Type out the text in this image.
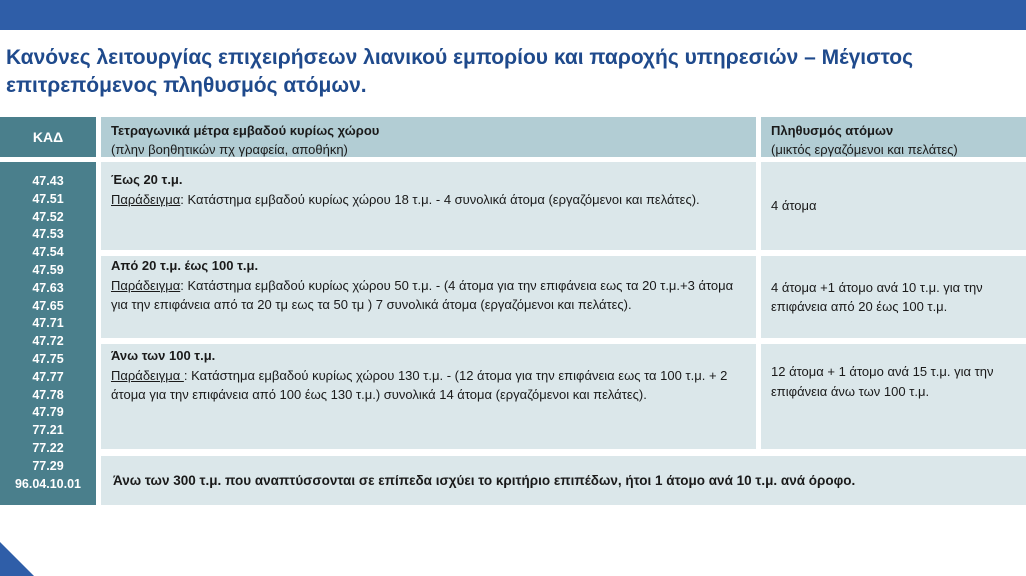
Κανόνες λειτουργίας επιχειρήσεων λιανικού εμπορίου και παροχής υπηρεσιών – Μέγιστος επιτρεπόμενος πληθυσμός ατόμων.
ΚΑΔ	Τετραγωνικά μέτρα εμβαδού κυρίως χώρου
(πλην βοηθητικών πχ γραφεία, αποθήκη)
Πληθυσμός ατόμων
(μικτός εργαζόμενοι και πελάτες)
47.43
47.51
47.52
47.53
47.54
47.59
47.63
47.65
47.71
47.72
47.75
47.77
47.78
47.79
77.21
77.22
77.29
96.04.10.01
Έως 20 τ.μ.
Παράδειγμα: Κατάστημα εμβαδού κυρίως χώρου 18 τ.μ. - 4 συνολικά άτομα (εργαζόμενοι και πελάτες).	4 άτομα
Από 20 τ.μ. έως 100 τ.μ.
Παράδειγμα: Κατάστημα εμβαδού κυρίως χώρου 50 τ.μ. - (4 άτομα για την επιφάνεια εως τα 20 τ.μ.+3 άτομα για την επιφάνεια από τα 20 τμ εως τα 50 τμ ) 7 συνολικά άτομα (εργαζόμενοι και πελάτες).
4 άτομα +1 άτομο ανά 10 τ.μ. για την επιφάνεια από 20 έως 100 τ.μ.
Άνω των 100 τ.μ.
Παράδειγμα : Κατάστημα εμβαδού κυρίως χώρου 130 τ.μ. - (12 άτομα για την επιφάνεια εως τα 100 τ.μ. + 2 άτομα για την επιφάνεια από 100 έως 130 τ.μ.) συνολικά 14 άτομα (εργαζόμενοι και πελάτες).
12 άτομα + 1 άτομο ανά 15 τ.μ. για την επιφάνεια άνω των 100 τ.μ.
Άνω των 300 τ.μ. που αναπτύσσονται σε επίπεδα ισχύει το κριτήριο επιπέδων, ήτοι 1 άτομο ανά 10 τ.μ. ανά όροφο.
